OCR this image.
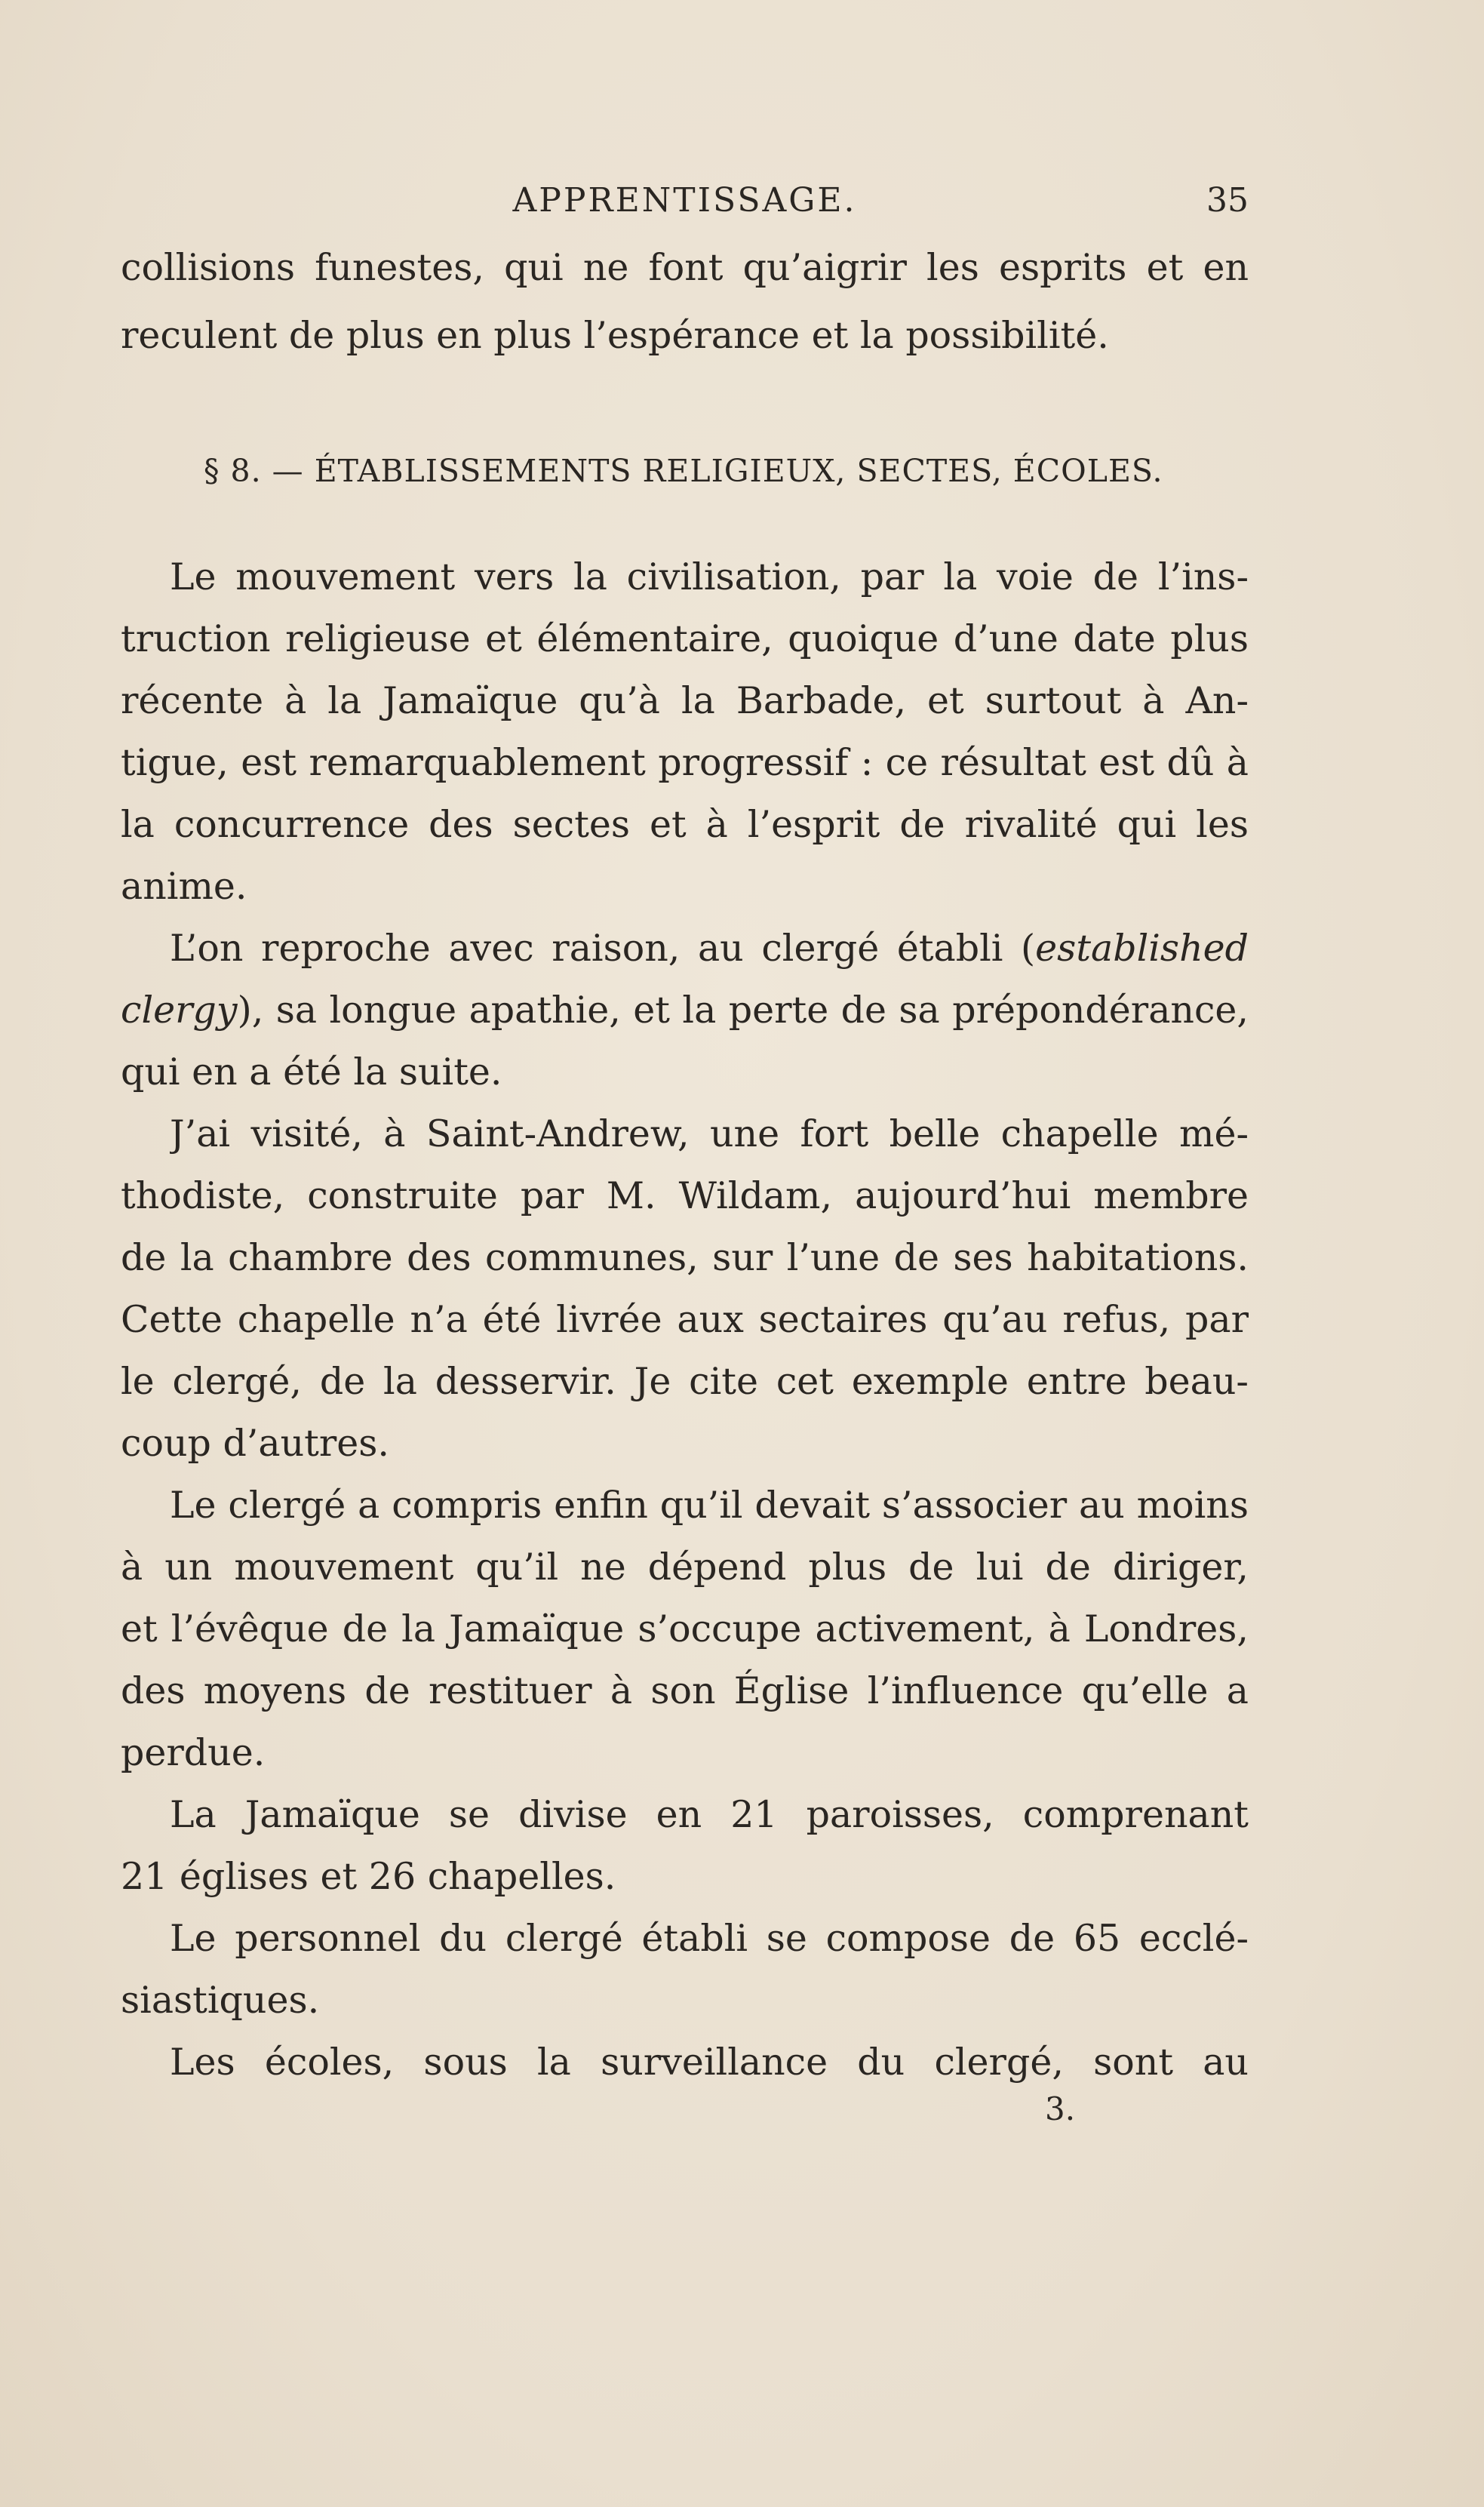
APPRENTISSAGE.	35
collisions funestes, qui ne font qu’aigrir les esprits et en
reculent de plus en plus l’espérance et la possibilité.
§ 8. — ÉTABLISSEMENTS RELIGIEUX, SECTES, ÉCOLES.
Le mouvement vers la civilisation, par la voie de l’ins-
truction religieuse et élémentaire, quoique d’une date plus
récente à la Jamaïque qu’à la Barbade, et surtout à An-
tigue, est remarquablement progressif : ce résultat est dû à
la concurrence des sectes et à l’esprit de rivalité qui les
anime.
L’on reproche avec raison, au clergé établi (established
clergy), sa longue apathie, et la perte de sa prépondérance,
qui en a été la suite.
J’ai visité, à Saint-Andrew, une fort belle chapelle mé-
thodiste, construite par M. Wildam, aujourd’hui membre
de la chambre des communes, sur l’une de ses habitations.
Cette chapelle n’a été livrée aux sectaires qu’au refus, par
le clergé, de la desservir. Je cite cet exemple entre beau-
coup d’autres.
Le clergé a compris enfin qu’il devait s’associer au moins
à un mouvement qu’il ne dépend plus de lui de diriger,
et l’évêque de la Jamaïque s’occupe activement, à Londres,
des moyens de restituer à son Église l’influence qu’elle a
perdue.
La Jamaïque se divise en 21 paroisses, comprenant
21 églises et 26 chapelles.
Le personnel du clergé établi se compose de 65 ecclé-
siastiques.
Les écoles, sous la surveillance du clergé, sont au
3.
